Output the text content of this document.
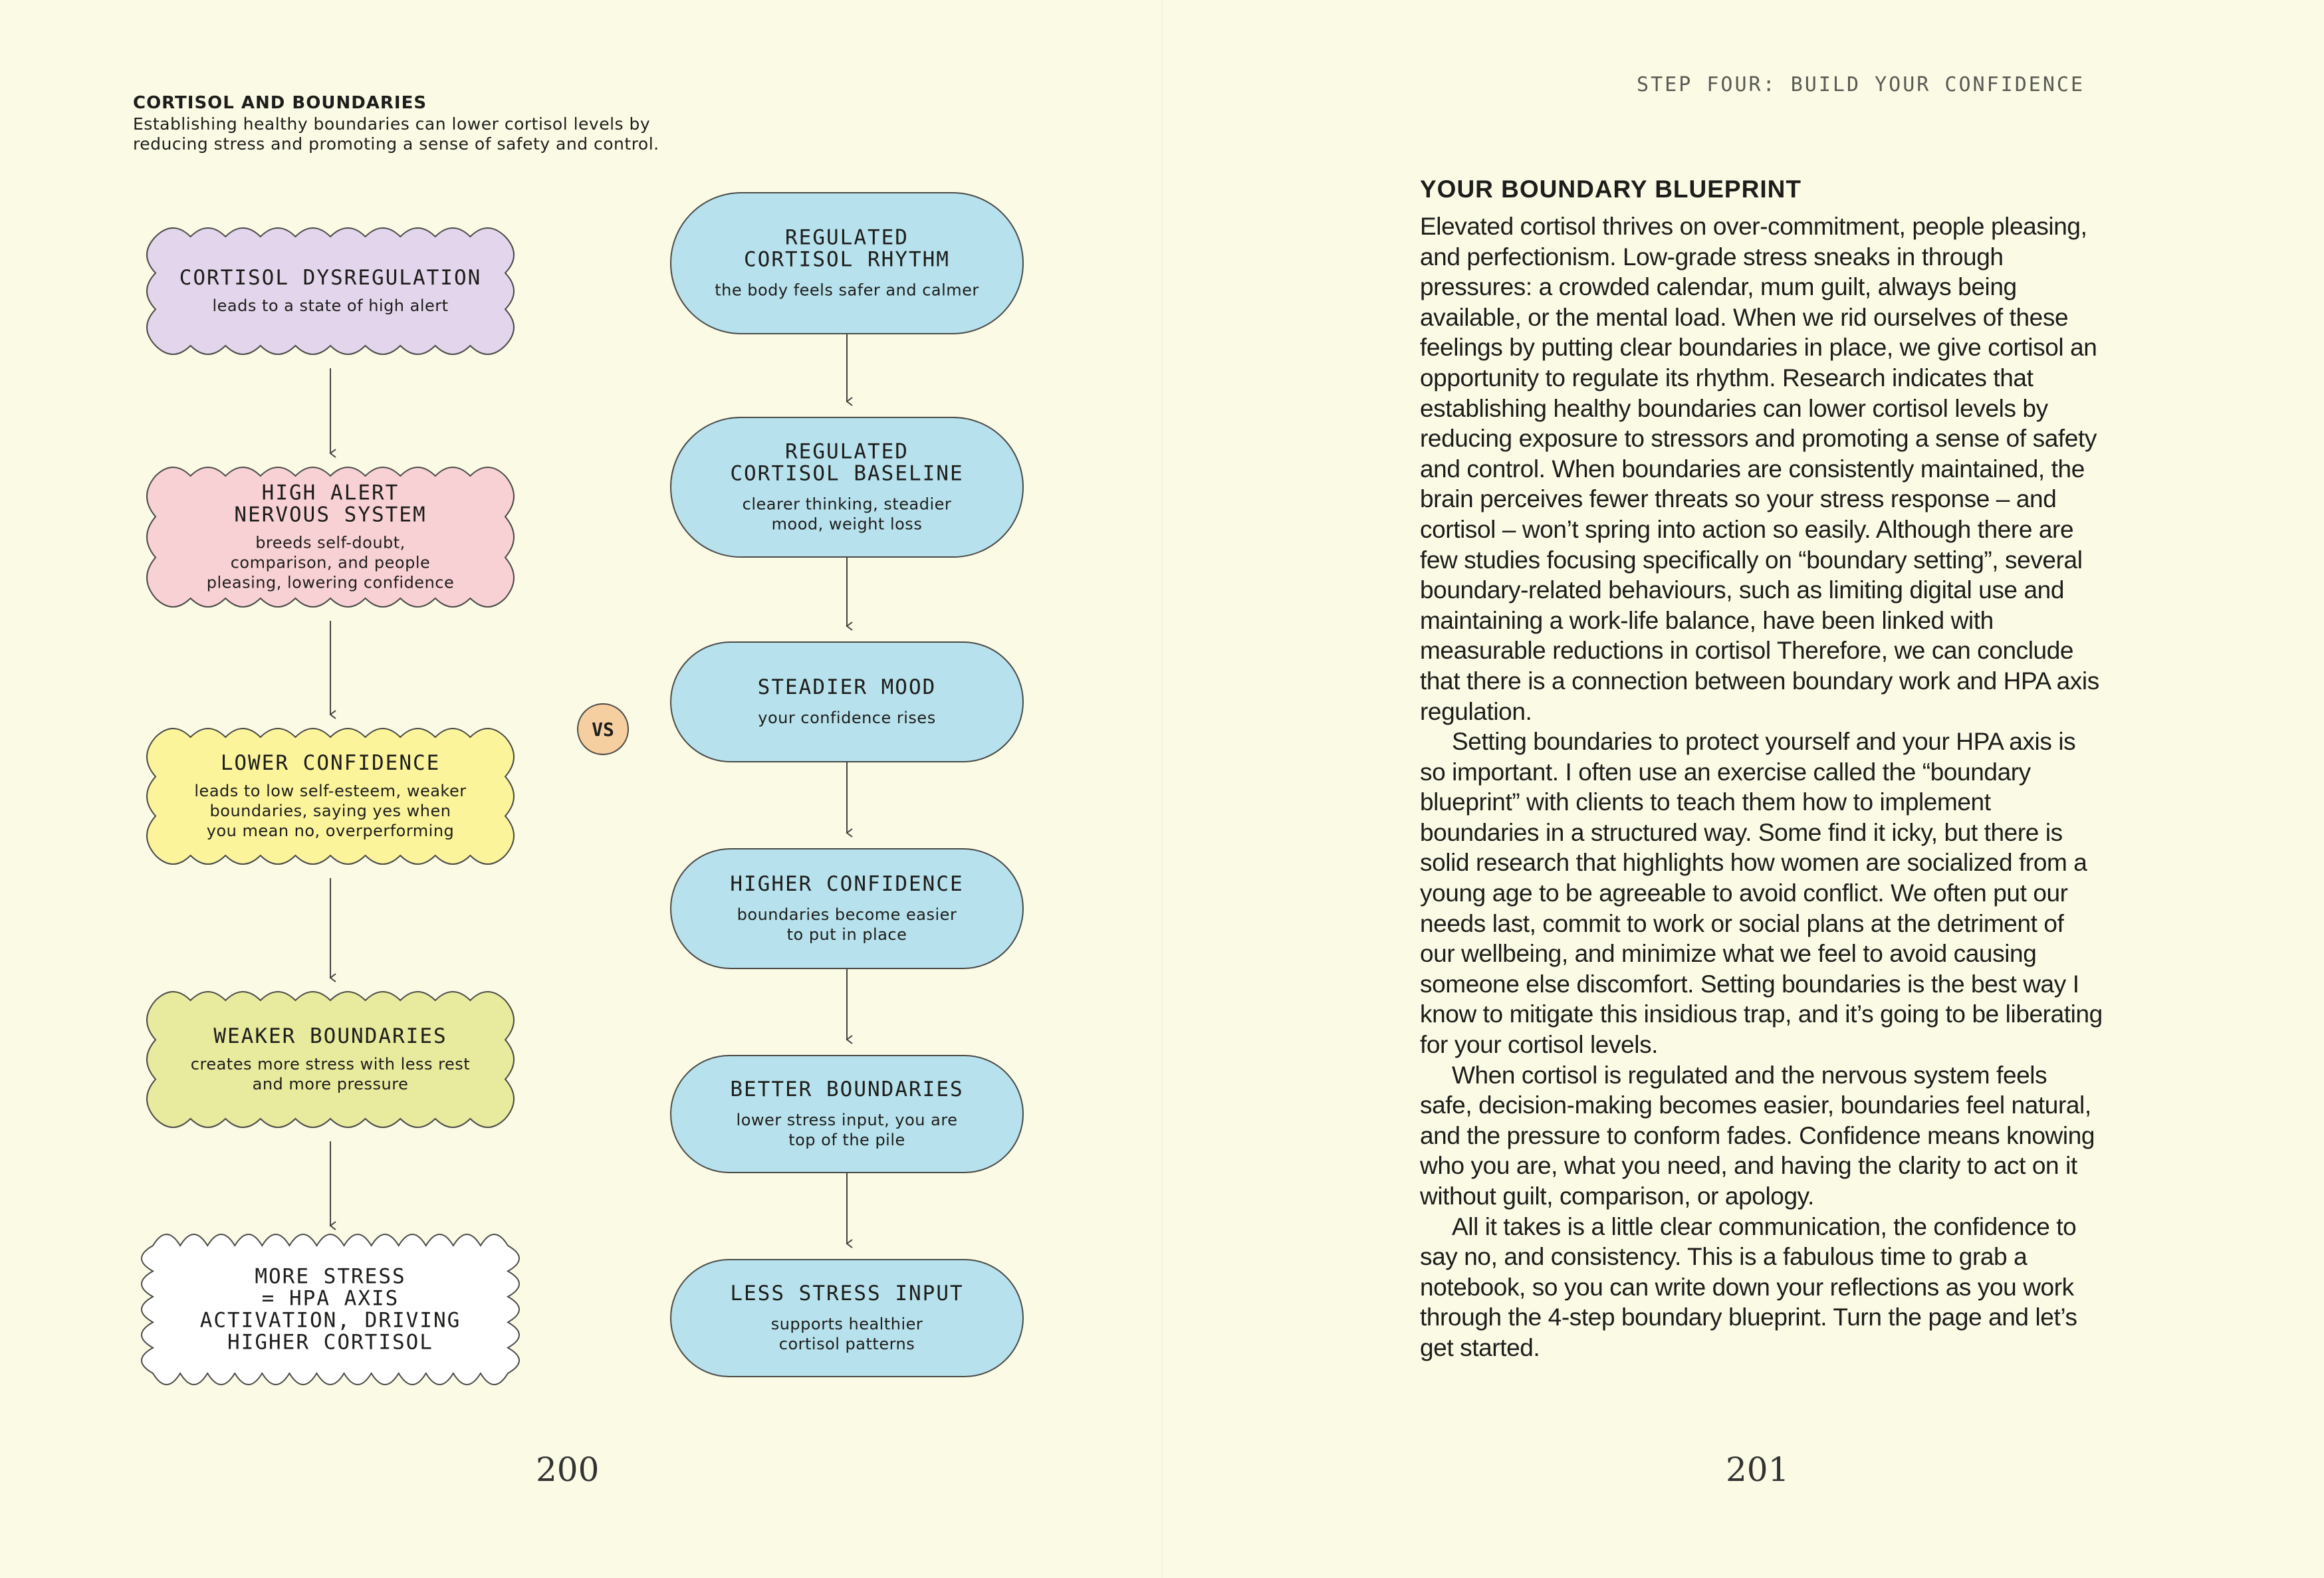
CORTISOL AND BOUNDARIES
Establishing healthy boundaries can lower cortisol levels by reducing stress and promoting a sense of safety and control.
CORTISOL DYSREGULATION
leads to a state of high alert
HIGH ALERT
NERVOUS SYSTEM
breeds self-doubt,
comparison, and people
pleasing, lowering confidence
LOWER CONFIDENCE
leads to low self-esteem, weaker
boundaries, saying yes when
you mean no, overperforming
WEAKER BOUNDARIES
creates more stress with less rest
and more pressure
MORE STRESS
= HPA AXIS
ACTIVATION, DRIVING
HIGHER CORTISOL
REGULATED
CORTISOL RHYTHM
the body feels safer and calmer
REGULATED
CORTISOL BASELINE
clearer thinking, steadier
mood, weight loss
STEADIER MOOD
your confidence rises
HIGHER CONFIDENCE
boundaries become easier
to put in place
BETTER BOUNDARIES
lower stress input, you are
top of the pile
LESS STRESS INPUT
supports healthier
cortisol patterns
VS
200
STEP FOUR: BUILD YOUR CONFIDENCE
YOUR BOUNDARY BLUEPRINT

Elevated cortisol thrives on over-commitment, people pleasing, and perfectionism. Low-grade stress sneaks in through pressures: a crowded calendar, mum guilt, always being available, or the mental load. When we rid ourselves of these feelings by putting clear boundaries in place, we give cortisol an opportunity to regulate its rhythm. Research indicates that establishing healthy boundaries can lower cortisol levels by reducing exposure to stressors and promoting a sense of safety and control. When boundaries are consistently maintained, the brain perceives fewer threats so your stress response – and cortisol – won’t spring into action so easily. Although there are few studies focusing specifically on “boundary setting”, several boundary-related behaviours, such as limiting digital use and maintaining a work-life balance, have been linked with measurable reductions in cortisol Therefore, we can conclude that there is a connection between boundary work and HPA axis regulation.

Setting boundaries to protect yourself and your HPA axis is so important. I often use an exercise called the “boundary blueprint” with clients to teach them how to implement boundaries in a structured way. Some find it icky, but there is solid research that highlights how women are socialized from a young age to be agreeable to avoid conflict. We often put our needs last, commit to work or social plans at the detriment of our wellbeing, and minimize what we feel to avoid causing someone else discomfort. Setting boundaries is the best way I know to mitigate this insidious trap, and it’s going to be liberating for your cortisol levels.

When cortisol is regulated and the nervous system feels safe, decision-making becomes easier, boundaries feel natural, and the pressure to conform fades. Confidence means knowing who you are, what you need, and having the clarity to act on it without guilt, comparison, or apology.

All it takes is a little clear communication, the confidence to say no, and consistency. This is a fabulous time to grab a notebook, so you can write down your reflections as you work through the 4-step boundary blueprint. Turn the page and let’s get started.

201
